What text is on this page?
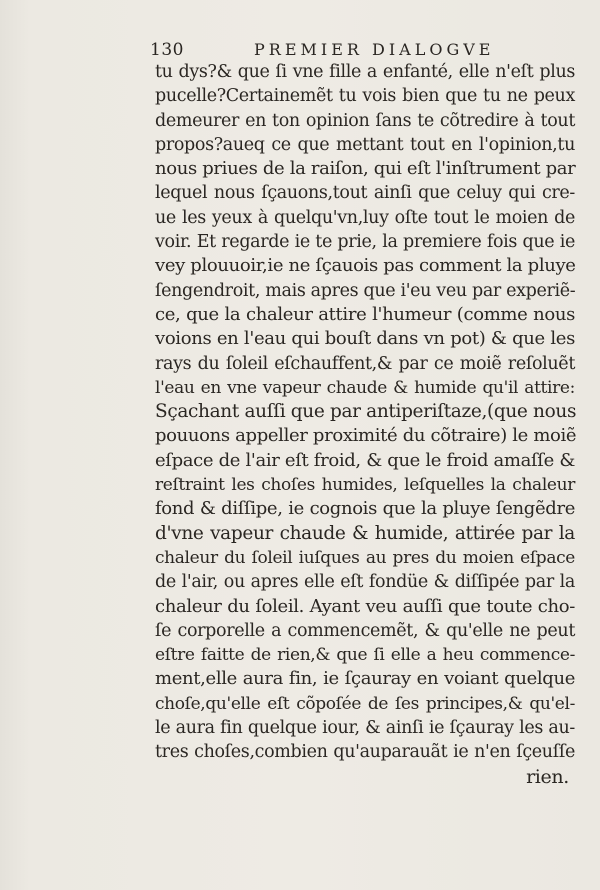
130	PREMIER DIALOGVE
tu dys?& que ſi vne fille a enfanté, elle n'eſt plus
pucelle?Certainemẽt tu vois bien que tu ne peux
demeurer en ton opinion ſans te cõtredire à tout
propos?aueq ce que mettant tout en l'opinion,tu
nous priues de la raiſon, qui eſt l'inſtrument par
lequel nous ſçauons,tout ainſi que celuy qui cre-
ue les yeux à quelqu'vn,luy oſte tout le moien de
voir. Et regarde ie te prie, la premiere fois que ie
vey plouuoir,ie ne ſçauois pas comment la pluye
ſengendroit, mais apres que i'eu veu par experiẽ-
ce, que la chaleur attire l'humeur (comme nous
voions en l'eau qui bouſt dans vn pot) & que les
rays du ſoleil eſchauffent,& par ce moiẽ reſoluẽt
l'eau en vne vapeur chaude & humide qu'il attire:
Sçachant auſſi que par antiperiſtaze,(que nous
pouuons appeller proximité du cõtraire) le moiẽ
eſpace de l'air eſt froid, & que le froid amaſſe &
reſtraint les choſes humides, leſquelles la chaleur
fond & diſſipe, ie cognois que la pluye ſengẽdre
d'vne vapeur chaude & humide, attirée par la
chaleur du ſoleil iuſques au pres du moien eſpace
de l'air, ou apres elle eſt fondüe & diſſipée par la
chaleur du ſoleil. Ayant veu auſſi que toute cho-
ſe corporelle a commencemẽt, & qu'elle ne peut
eſtre faitte de rien,& que ſi elle a heu commence-
ment,elle aura fin, ie ſçauray en voiant quelque
choſe,qu'elle eſt cõpoſée de ſes principes,& qu'el-
le aura fin quelque iour, & ainſi ie ſçauray les au-
tres choſes,combien qu'auparauãt ie n'en ſçeuſſe
rien.
